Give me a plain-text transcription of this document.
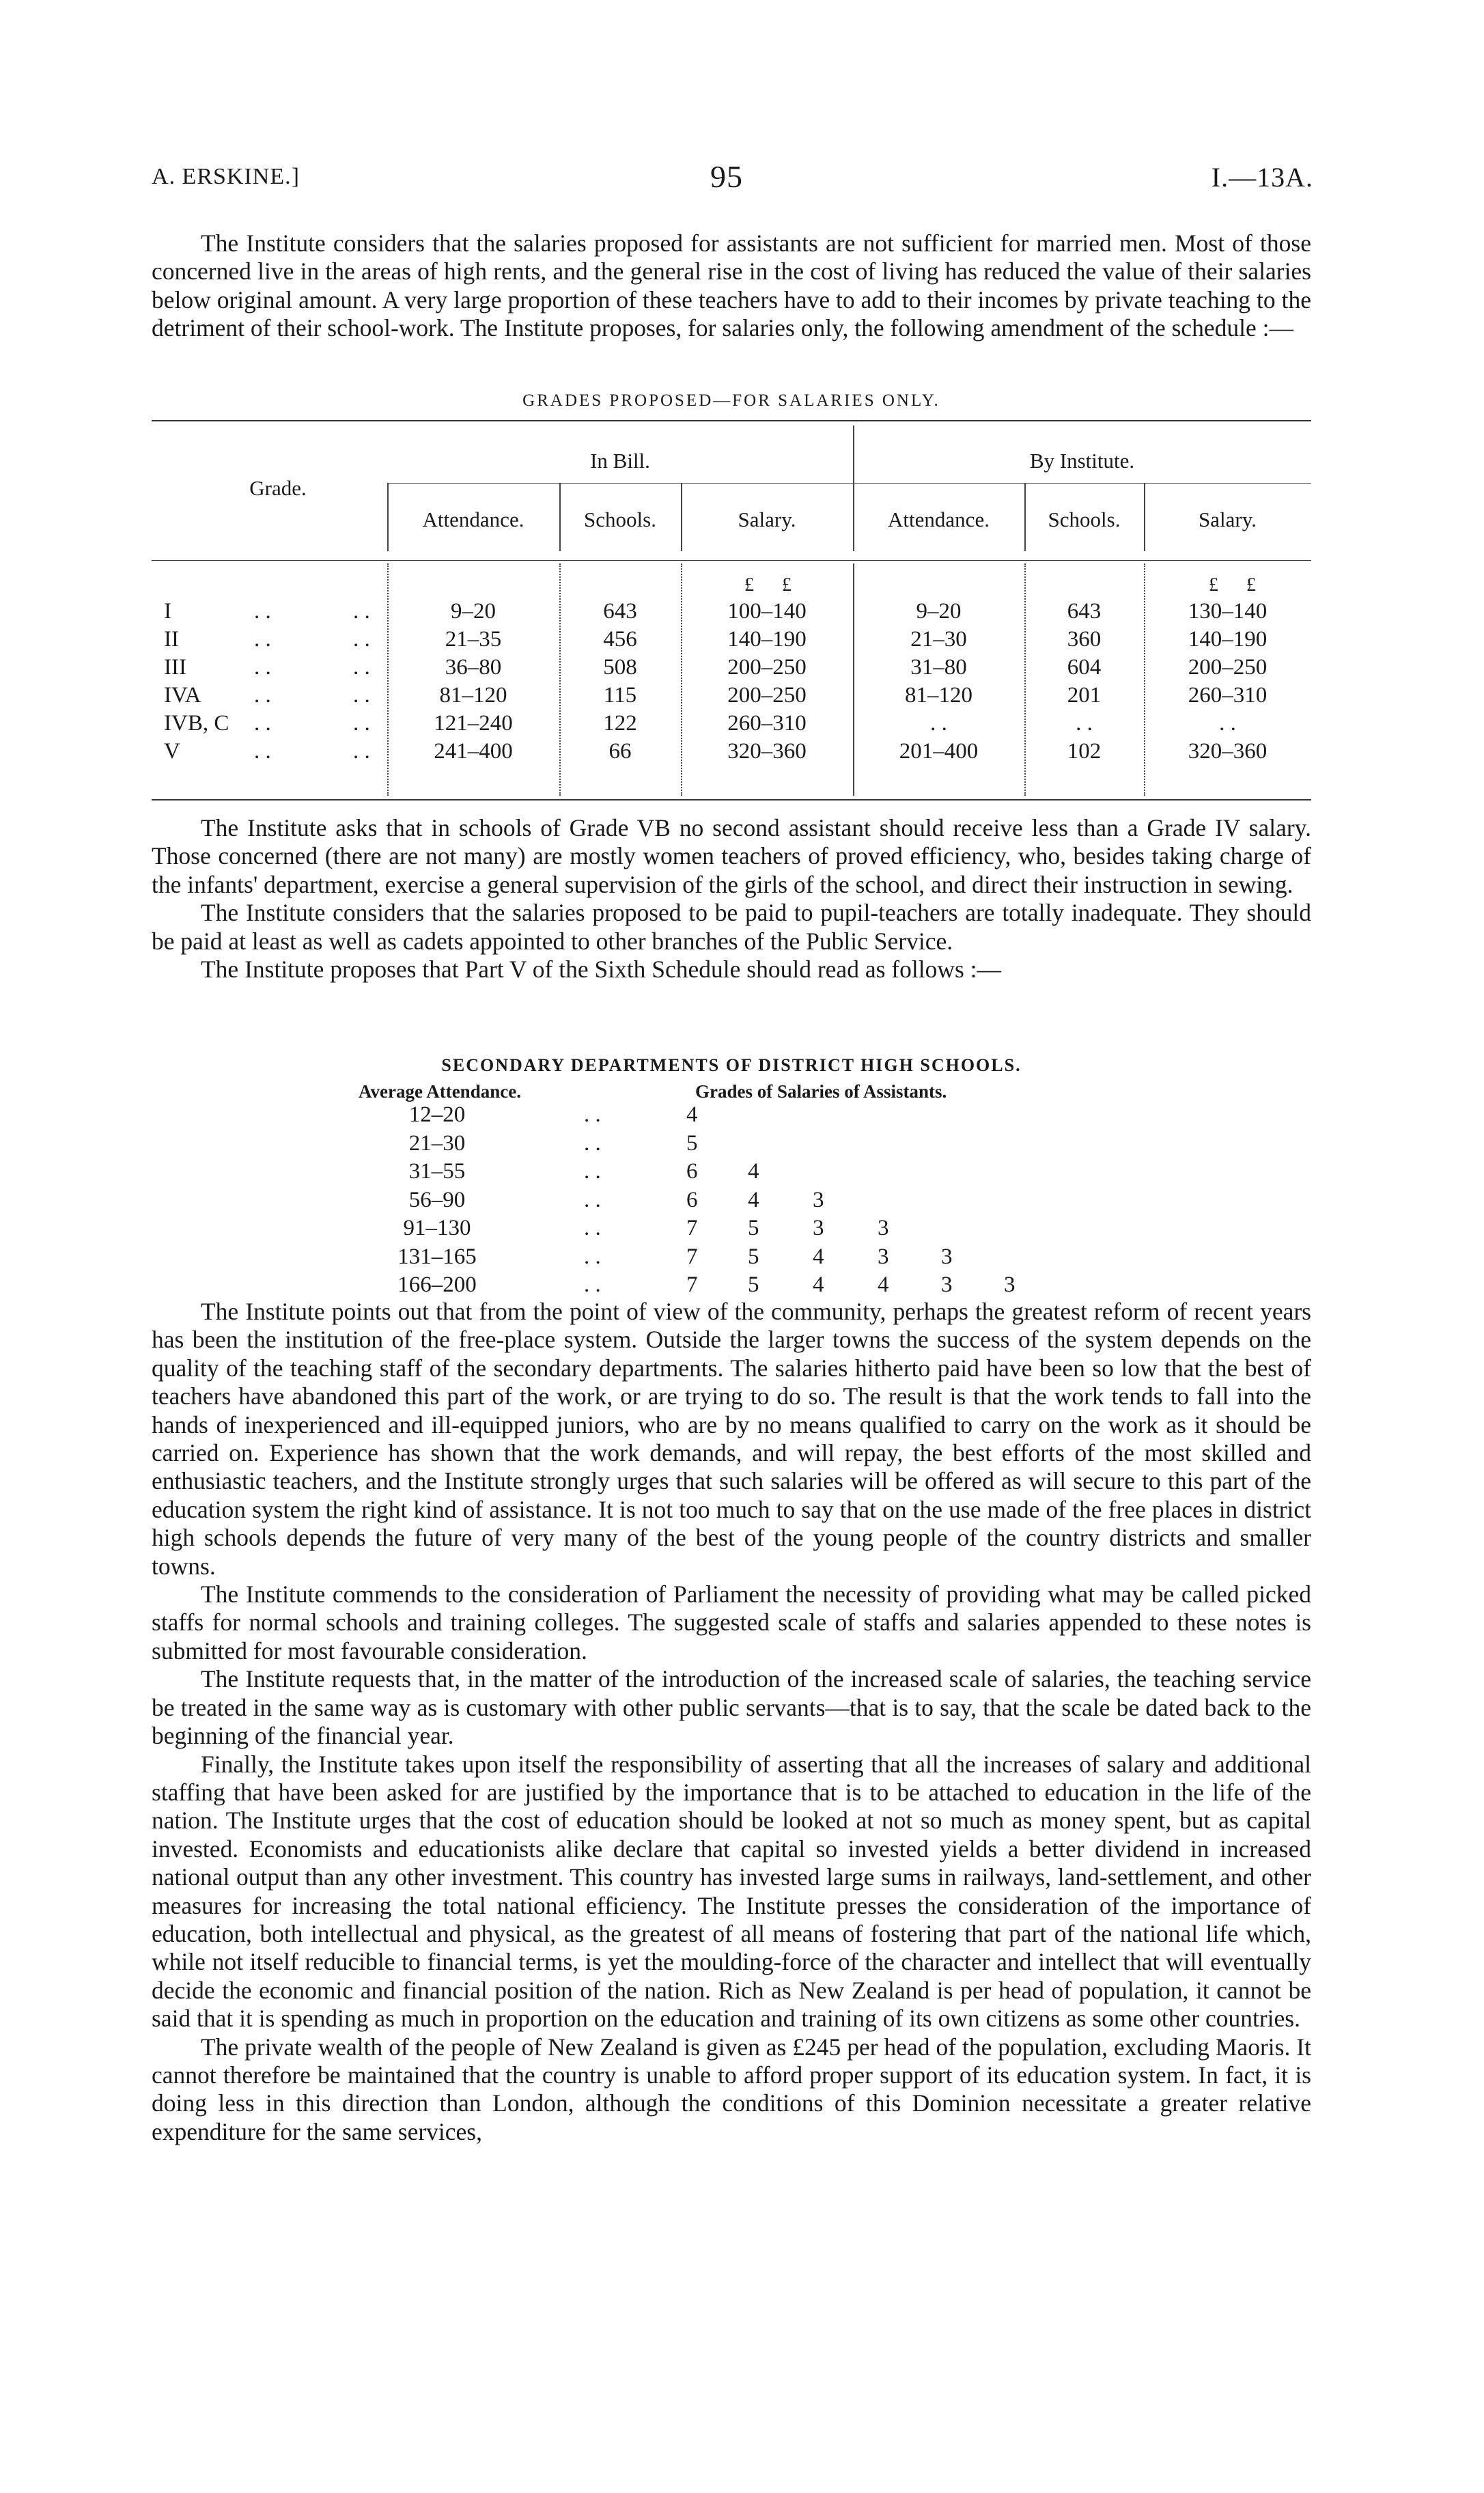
A. ERSKINE.]	95	I.—13A.

The Institute considers that the salaries proposed for assistants are not sufficient for married men. Most of those concerned live in the areas of high rents, and the general rise in the cost of living has reduced the value of their salaries below original amount. A very large proportion of these teachers have to add to their incomes by private teaching to the detriment of their school-work. The Institute proposes, for salaries only, the following amendment of the schedule :—

GRADES PROPOSED—FOR SALARIES ONLY.
Grade.
In Bill.	By Institute.
Attendance.	Schools.	Salary.	Attendance.	Schools.	Salary.
£	£	£	£
I	. .	. .	9–20	643	100–140	9–20	643	130–140
II	. .	. .	21–35	456	140–190	21–30	360	140–190
III	. .	. .	36–80	508	200–250	31–80	604	200–250
IVA . .	. .	81–120	115	200–250	81–120	201	260–310
IVB, C . .	. .	121–240	122	260–310	. .	. .	. .
V	. .	. .	241–400	66	320–360	201–400	102	320–360

The Institute asks that in schools of Grade VB no second assistant should receive less than a Grade IV salary. Those concerned (there are not many) are mostly women teachers of proved efficiency, who, besides taking charge of the infants' department, exercise a general supervision of the girls of the school, and direct their instruction in sewing.

The Institute considers that the salaries proposed to be paid to pupil-teachers are totally inadequate. They should be paid at least as well as cadets appointed to other branches of the Public Service.

The Institute proposes that Part V of the Sixth Schedule should read as follows :—

SECONDARY DEPARTMENTS OF DISTRICT HIGH SCHOOLS.
Average Attendance.	Grades of Salaries of Assistants.
12–20	. .	4
21–30	. .	5
31–55	. .	6 4
56–90	. .	6 4 3
91–130	. .	7 5 3 3
131–165	. .	7 5 4 3 3
166–200	. .	7 5 4 4 3 3

The Institute points out that from the point of view of the community, perhaps the greatest reform of recent years has been the institution of the free-place system. Outside the larger towns the success of the system depends on the quality of the teaching staff of the secondary departments. The salaries hitherto paid have been so low that the best of teachers have abandoned this part of the work, or are trying to do so. The result is that the work tends to fall into the hands of inexperienced and ill-equipped juniors, who are by no means qualified to carry on the work as it should be carried on. Experience has shown that the work demands, and will repay, the best efforts of the most skilled and enthusiastic teachers, and the Institute strongly urges that such salaries will be offered as will secure to this part of the education system the right kind of assistance. It is not too much to say that on the use made of the free places in district high schools depends the future of very many of the best of the young people of the country districts and smaller towns.

The Institute commends to the consideration of Parliament the necessity of providing what may be called picked staffs for normal schools and training colleges. The suggested scale of staffs and salaries appended to these notes is submitted for most favourable consideration.

The Institute requests that, in the matter of the introduction of the increased scale of salaries, the teaching service be treated in the same way as is customary with other public servants—that is to say, that the scale be dated back to the beginning of the financial year.

Finally, the Institute takes upon itself the responsibility of asserting that all the increases of salary and additional staffing that have been asked for are justified by the importance that is to be attached to education in the life of the nation. The Institute urges that the cost of education should be looked at not so much as money spent, but as capital invested. Economists and educationists alike declare that capital so invested yields a better dividend in increased national output than any other investment. This country has invested large sums in railways, land-settlement, and other measures for increasing the total national efficiency. The Institute presses the consideration of the importance of education, both intellectual and physical, as the greatest of all means of fostering that part of the national life which, while not itself reducible to financial terms, is yet the moulding-force of the character and intellect that will eventually decide the economic and financial position of the nation. Rich as New Zealand is per head of population, it cannot be said that it is spending as much in proportion on the education and training of its own citizens as some other countries.

The private wealth of the people of New Zealand is given as £245 per head of the population, excluding Maoris. It cannot therefore be maintained that the country is unable to afford proper support of its education system. In fact, it is doing less in this direction than London, although the conditions of this Dominion necessitate a greater relative expenditure for the same services,
